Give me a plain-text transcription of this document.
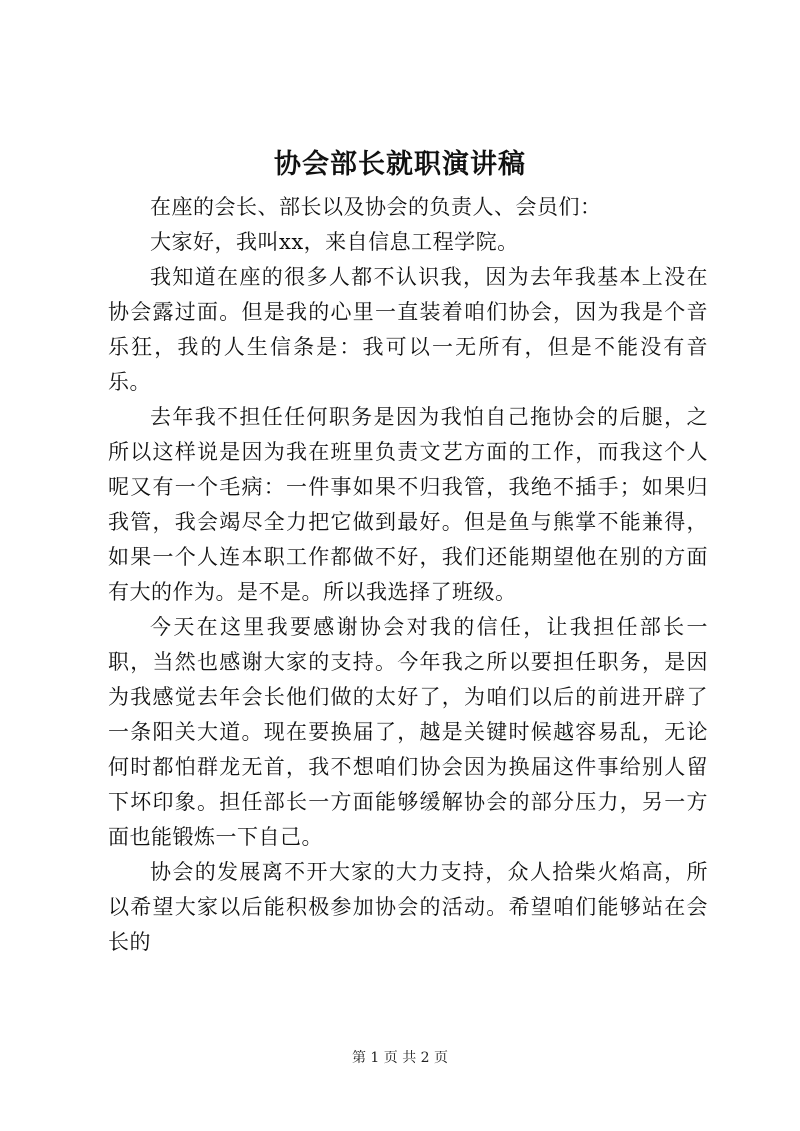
协会部长就职演讲稿

在座的会长、部长以及协会的负责人、会员们：

大家好，我叫xx，来自信息工程学院。

我知道在座的很多人都不认识我，因为去年我基本上没在协会露过面。但是我的心里一直装着咱们协会，因为我是个音乐狂，我的人生信条是：我可以一无所有，但是不能没有音乐。

去年我不担任任何职务是因为我怕自己拖协会的后腿，之所以这样说是因为我在班里负责文艺方面的工作，而我这个人呢又有一个毛病：一件事如果不归我管，我绝不插手；如果归我管，我会竭尽全力把它做到最好。但是鱼与熊掌不能兼得，如果一个人连本职工作都做不好，我们还能期望他在别的方面有大的作为。是不是。所以我选择了班级。

今天在这里我要感谢协会对我的信任，让我担任部长一职，当然也感谢大家的支持。今年我之所以要担任职务，是因为我感觉去年会长他们做的太好了，为咱们以后的前进开辟了一条阳关大道。现在要换届了，越是关键时候越容易乱，无论何时都怕群龙无首，我不想咱们协会因为换届这件事给别人留下坏印象。担任部长一方面能够缓解协会的部分压力，另一方面也能锻炼一下自己。

协会的发展离不开大家的大力支持，众人拾柴火焰高，所以希望大家以后能积极参加协会的活动。希望咱们能够站在会长的

第 1 页 共 2 页
